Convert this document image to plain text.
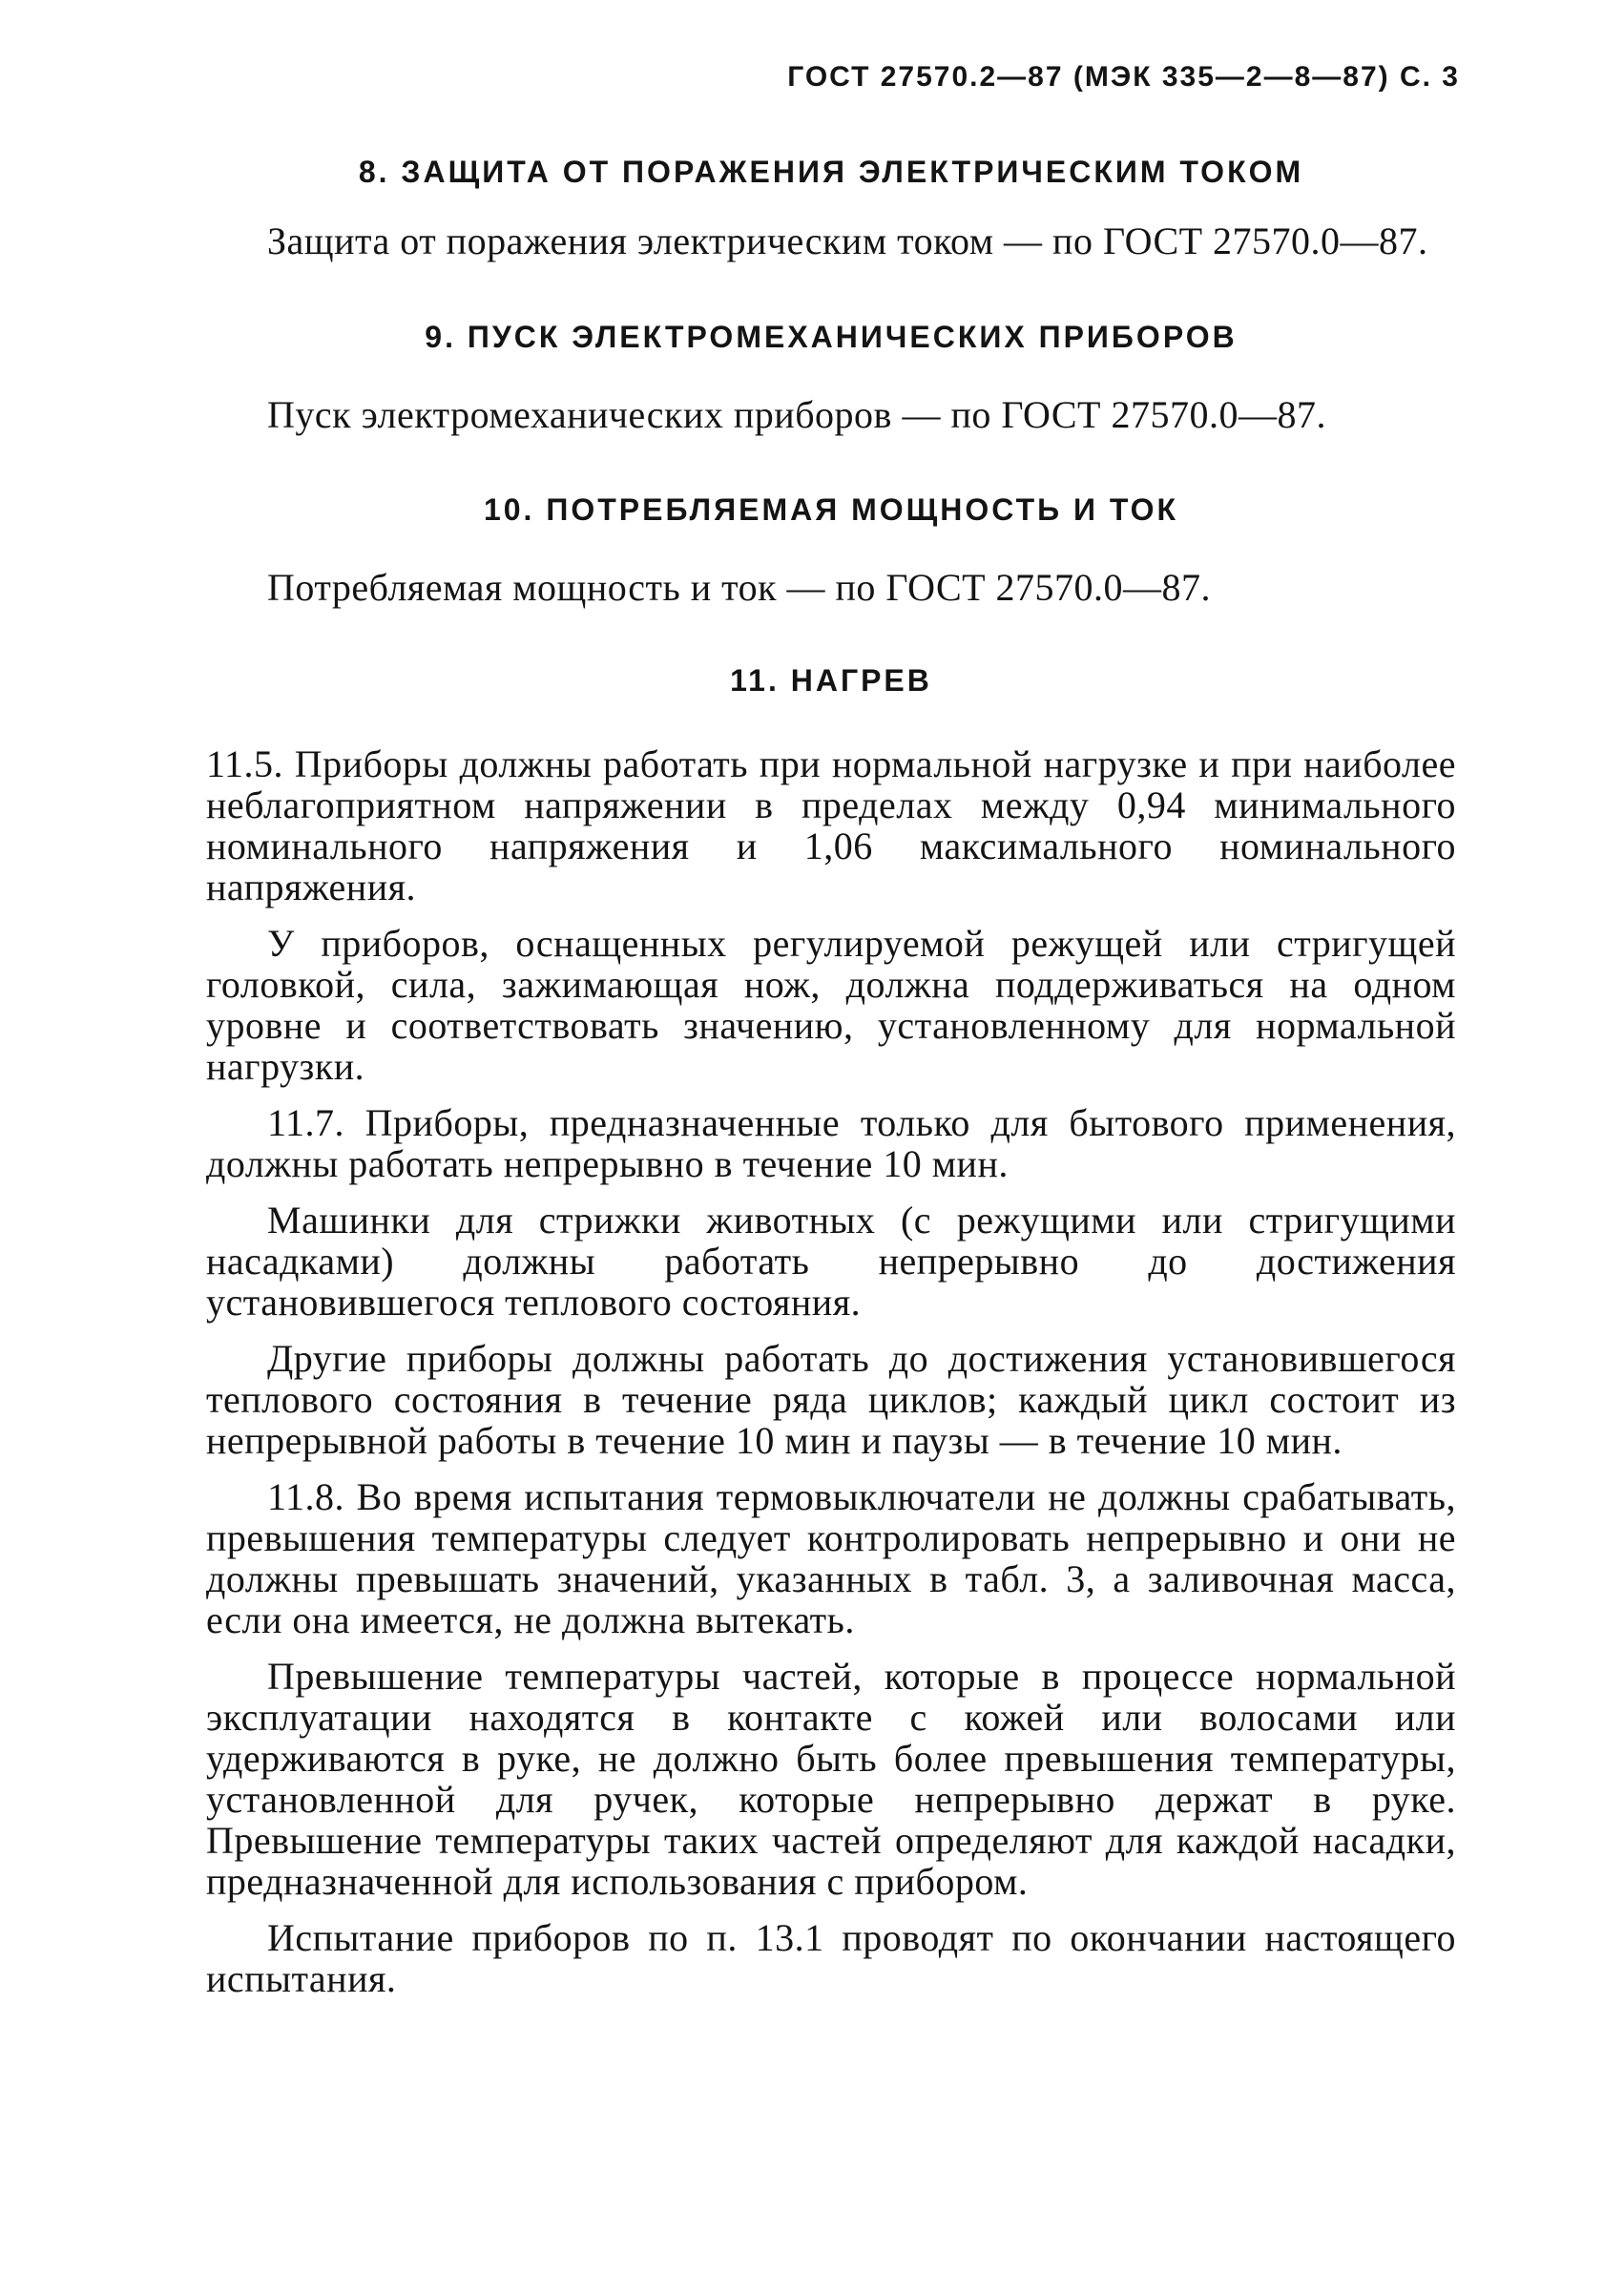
ГОСТ 27570.2—87 (МЭК 335—2—8—87) С. 3
8. ЗАЩИТА ОТ ПОРАЖЕНИЯ ЭЛЕКТРИЧЕСКИМ ТОКОМ

Защита от поражения электрическим током — по ГОСТ 27570.0—87.

9. ПУСК ЭЛЕКТРОМЕХАНИЧЕСКИХ ПРИБОРОВ

Пуск электромеханических приборов — по ГОСТ 27570.0—87.

10. ПОТРЕБЛЯЕМАЯ МОЩНОСТЬ И ТОК

Потребляемая мощность и ток — по ГОСТ 27570.0—87.

11. НАГРЕВ

11.5. Приборы должны работать при нормальной нагрузке и при наиболее неблагоприятном напряжении в пределах между 0,94 минимального номинального напряжения и 1,06 максимального номинального напряжения.

У приборов, оснащенных регулируемой режущей или стригущей головкой, сила, зажимающая нож, должна поддерживаться на одном уровне и соответствовать значению, установленному для нормальной нагрузки.

11.7. Приборы, предназначенные только для бытового применения, должны работать непрерывно в течение 10 мин.

Машинки для стрижки животных (с режущими или стригущими насадками) должны работать непрерывно до достижения установившегося теплового состояния.

Другие приборы должны работать до достижения установившегося теплового состояния в течение ряда циклов; каждый цикл состоит из непрерывной работы в течение 10 мин и паузы — в течение 10 мин.

11.8. Во время испытания термовыключатели не должны срабатывать, превышения температуры следует контролировать непрерывно и они не должны превышать значений, указанных в табл. 3, а заливочная масса, если она имеется, не должна вытекать.

Превышение температуры частей, которые в процессе нормальной эксплуатации находятся в контакте с кожей или волосами или удерживаются в руке, не должно быть более превышения температуры, установленной для ручек, которые непрерывно держат в руке. Превышение температуры таких частей определяют для каждой насадки, предназначенной для использования с прибором.

Испытание приборов по п. 13.1 проводят по окончании настоящего испытания.
